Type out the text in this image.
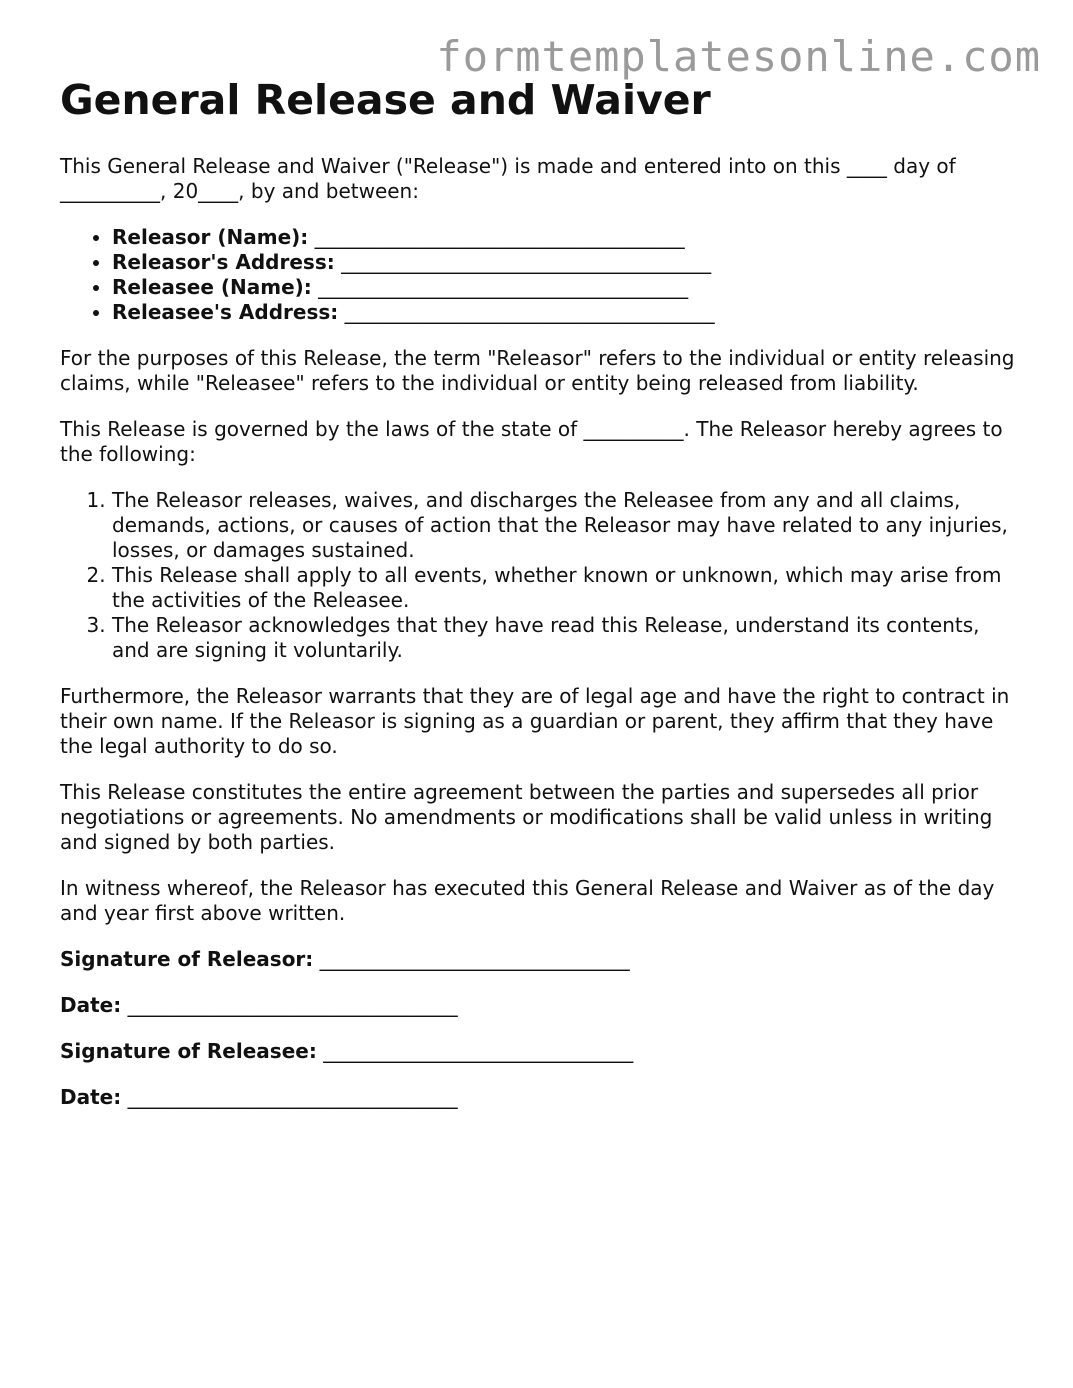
formtemplatesonline.com
General Release and Waiver

This General Release and Waiver ("Release") is made and entered into on this ____ day of __________, 20____, by and between:

• Releasor (Name): _____________________________________
• Releasor's Address: _____________________________________
• Releasee (Name): _____________________________________
• Releasee's Address: _____________________________________

For the purposes of this Release, the term "Releasor" refers to the individual or entity releasing claims, while "Releasee" refers to the individual or entity being released from liability.

This Release is governed by the laws of the state of __________. The Releasor hereby agrees to the following:

1. The Releasor releases, waives, and discharges the Releasee from any and all claims, demands, actions, or causes of action that the Releasor may have related to any injuries, losses, or damages sustained.
2. This Release shall apply to all events, whether known or unknown, which may arise from the activities of the Releasee.
3. The Releasor acknowledges that they have read this Release, understand its contents, and are signing it voluntarily.

Furthermore, the Releasor warrants that they are of legal age and have the right to contract in their own name. If the Releasor is signing as a guardian or parent, they affirm that they have the legal authority to do so.

This Release constitutes the entire agreement between the parties and supersedes all prior negotiations or agreements. No amendments or modifications shall be valid unless in writing and signed by both parties.

In witness whereof, the Releasor has executed this General Release and Waiver as of the day and year first above written.

Signature of Releasor: _______________________________
Date: _________________________________
Signature of Releasee: _______________________________
Date: _________________________________
